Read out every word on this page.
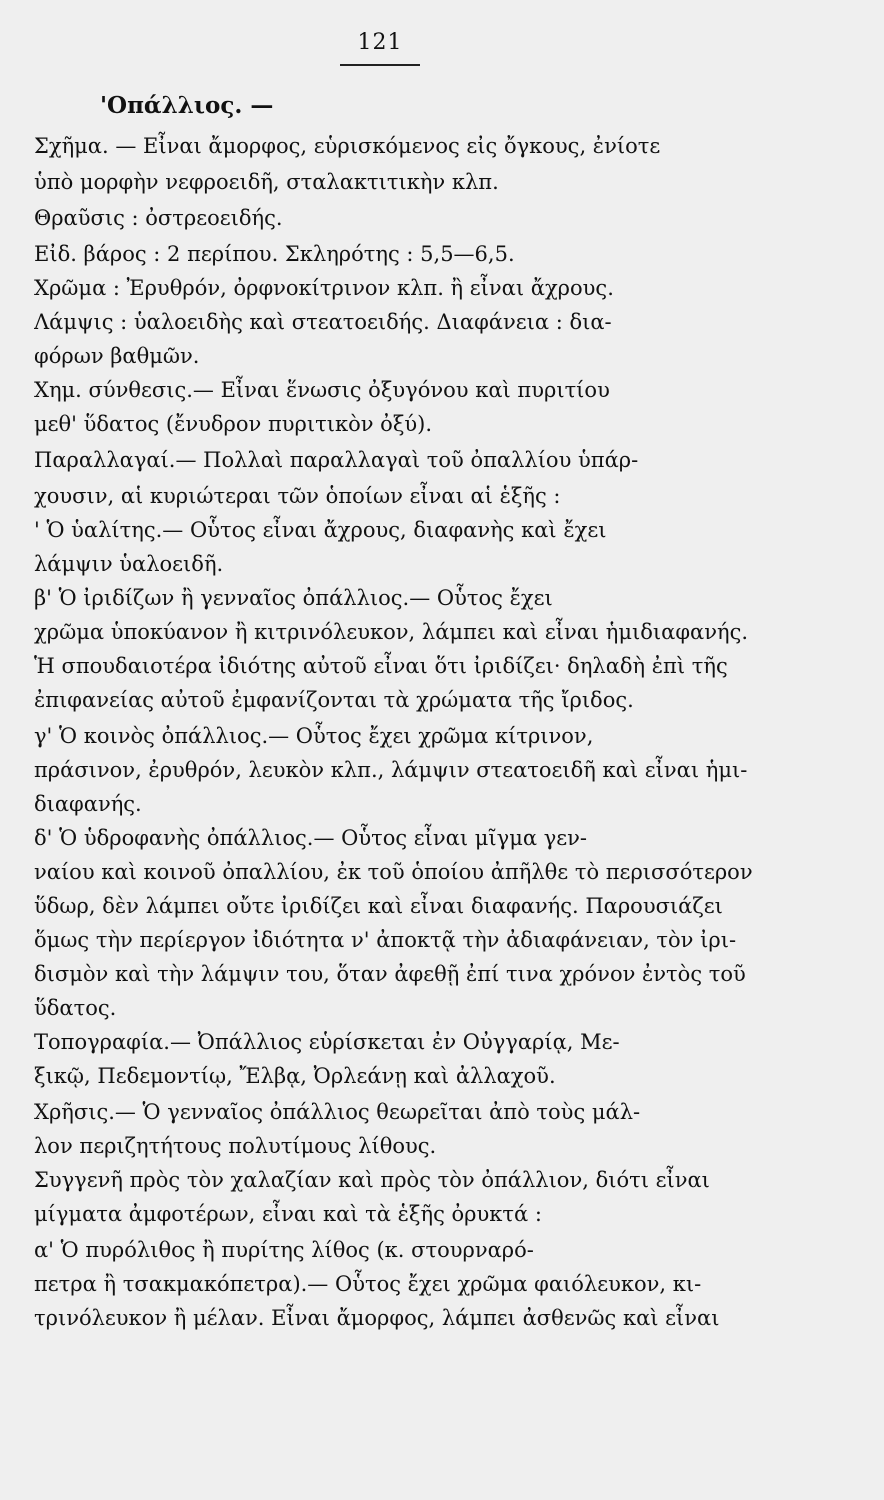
121
'Οπάλλιος. —
Σχῆμα. — Εἶναι ἄμορφος, εὑρισκόμενος εἰς ὄγκους, ἐνίοτε
ὑπὸ μορφὴν νεφροειδῆ, σταλακτιτικὴν κλπ.
Θραῦσις : ὀστρεοειδής.
Εἰδ. βάρος : 2 περίπου. Σκληρότης : 5,5—6,5.
Χρῶμα : Ἐρυθρόν, ὀρφνοκίτρινον κλπ. ἢ εἶναι ἄχρους.
Λάμψις : ὑαλοειδὴς καὶ στεατοειδής. Διαφάνεια : δια-
φόρων βαθμῶν.
Χημ. σύνθεσις.— Εἶναι ἕνωσις ὀξυγόνου καὶ πυριτίου
μεθ' ὕδατος (ἔνυδρον πυριτικὸν ὀξύ).
Παραλλαγαί.— Πολλαὶ παραλλαγαὶ τοῦ ὀπαλλίου ὑπάρ-
χουσιν, αἱ κυριώτεραι τῶν ὁποίων εἶναι αἱ ἑξῆς :
' Ὁ ὑαλίτης.— Οὗτος εἶναι ἄχρους, διαφανὴς καὶ ἔχει
λάμψιν ὑαλοειδῆ.
β' Ὁ ἰριδίζων ἢ γενναῖος ὀπάλλιος.— Οὗτος ἔχει
χρῶμα ὑποκύανον ἢ κιτρινόλευκον, λάμπει καὶ εἶναι ἡμιδιαφανής.
Ἡ σπουδαιοτέρα ἰδιότης αὐτοῦ εἶναι ὅτι ἰριδίζει· δηλαδὴ ἐπὶ τῆς
ἐπιφανείας αὐτοῦ ἐμφανίζονται τὰ χρώματα τῆς ἴριδος.
γ' Ὁ κοινὸς ὀπάλλιος.— Οὗτος ἔχει χρῶμα κίτρινον,
πράσινον, ἐρυθρόν, λευκὸν κλπ., λάμψιν στεατοειδῆ καὶ εἶναι ἡμι-
διαφανής.
δ' Ὁ ὑδροφανὴς ὀπάλλιος.— Οὗτος εἶναι μῖγμα γεν-
ναίου καὶ κοινοῦ ὀπαλλίου, ἐκ τοῦ ὁποίου ἀπῆλθε τὸ περισσότερον
ὕδωρ, δὲν λάμπει οὔτε ἰριδίζει καὶ εἶναι διαφανής. Παρουσιάζει
ὅμως τὴν περίεργον ἰδιότητα ν' ἀποκτᾷ τὴν ἀδιαφάνειαν, τὸν ἰρι-
δισμὸν καὶ τὴν λάμψιν του, ὅταν ἀφεθῇ ἐπί τινα χρόνον ἐντὸς τοῦ
ὕδατος.
Τοπογραφία.— Ὀπάλλιος εὑρίσκεται ἐν Οὐγγαρίᾳ, Με-
ξικῷ, Πεδεμοντίῳ, Ἔλβᾳ, Ὀρλεάνῃ καὶ ἀλλαχοῦ.
Χρῆσις.— Ὁ γενναῖος ὀπάλλιος θεωρεῖται ἀπὸ τοὺς μάλ-
λον περιζητήτους πολυτίμους λίθους.
Συγγενῆ πρὸς τὸν χαλαζίαν καὶ πρὸς τὸν ὀπάλλιον, διότι εἶναι
μίγματα ἀμφοτέρων, εἶναι καὶ τὰ ἑξῆς ὀρυκτά :
α' Ὁ πυρόλιθος ἢ πυρίτης λίθος (κ. στουρναρό-
πετρα ἢ τσακμακόπετρα).— Οὗτος ἔχει χρῶμα φαιόλευκον, κι-
τρινόλευκον ἢ μέλαν. Εἶναι ἄμορφος, λάμπει ἀσθενῶς καὶ εἶναι
